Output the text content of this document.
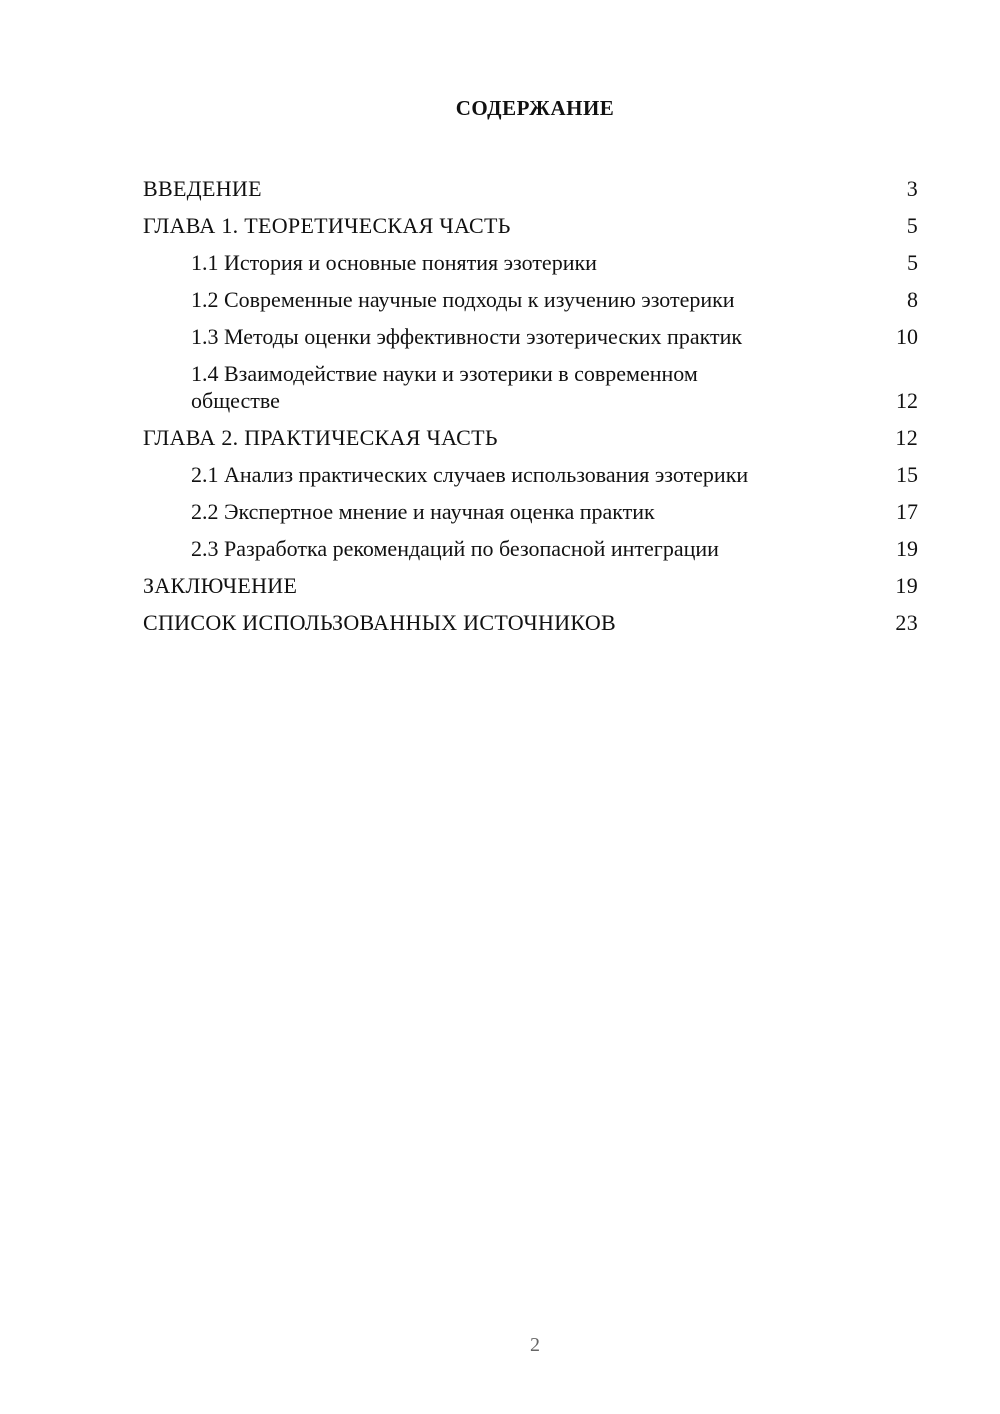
СОДЕРЖАНИЕ
ВВЕДЕНИЕ	3
ГЛАВА 1. ТЕОРЕТИЧЕСКАЯ ЧАСТЬ	5
1.1 История и основные понятия эзотерики	5
1.2 Современные научные подходы к изучению эзотерики	8
1.3 Методы оценки эффективности эзотерических практик	10
1.4 Взаимодействие науки и эзотерики в современном обществе	12
ГЛАВА 2. ПРАКТИЧЕСКАЯ ЧАСТЬ	12
2.1 Анализ практических случаев использования эзотерики	15
2.2 Экспертное мнение и научная оценка практик	17
2.3 Разработка рекомендаций по безопасной интеграции	19
ЗАКЛЮЧЕНИЕ	19
СПИСОК ИСПОЛЬЗОВАННЫХ ИСТОЧНИКОВ	23
2
